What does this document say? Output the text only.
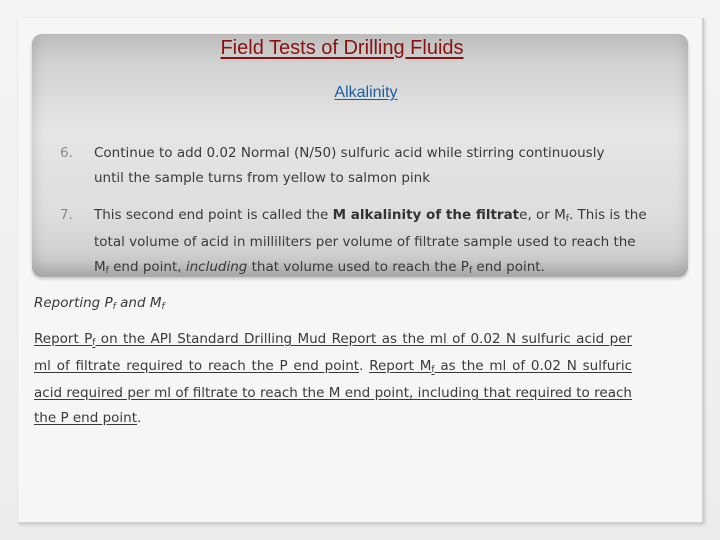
Field Tests of Drilling Fluids
Alkalinity
6. Continue to add 0.02 Normal (N/50) sulfuric acid while stirring continuously
until the sample turns from yellow to salmon pink
7. This second end point is called the M alkalinity of the filtrate, or Mf. This is the total volume of acid in milliliters per volume of filtrate sample used to reach the Mf end point, including that volume used to reach the Pf end point.
Reporting Pf and Mf
Report Pf on the API Standard Drilling Mud Report as the ml of 0.02 N sulfuric acid per ml of filtrate required to reach the P end point. Report Mf as the ml of 0.02 N sulfuric acid required per ml of filtrate to reach the M end point, including that required to reach the P end point.
